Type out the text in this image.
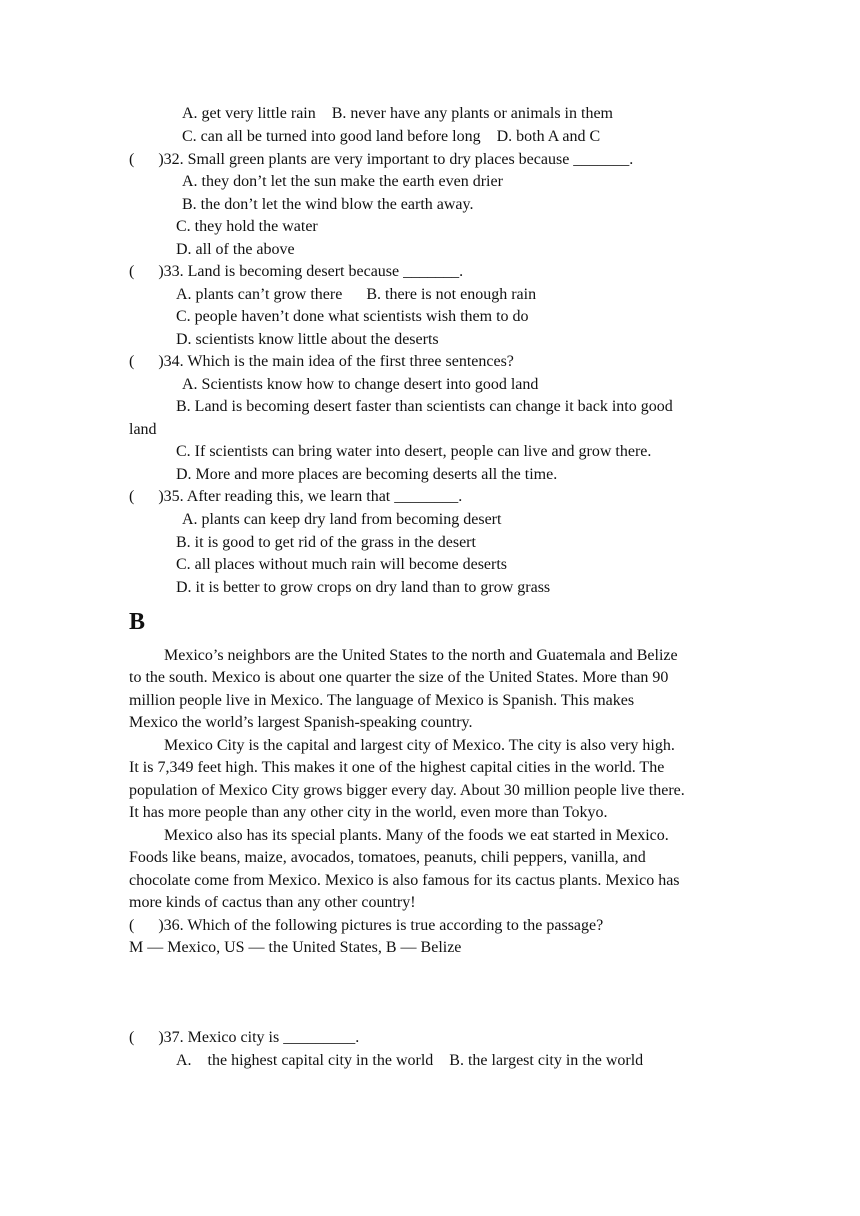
A. get very little rain    B. never have any plants or animals in them
C. can all be turned into good land before long    D. both A and C
(      )32. Small green plants are very important to dry places because _______.
A. they don’t let the sun make the earth even drier
B. the don’t let the wind blow the earth away.
C. they hold the water
D. all of the above
(      )33. Land is becoming desert because _______.
A. plants can’t grow there      B. there is not enough rain
C. people haven’t done what scientists wish them to do
D. scientists know little about the deserts
(      )34. Which is the main idea of the first three sentences?
A. Scientists know how to change desert into good land
B. Land is becoming desert faster than scientists can change it back into good
land
C. If scientists can bring water into desert, people can live and grow there.
D. More and more places are becoming deserts all the time.
(      )35. After reading this, we learn that ________.
A. plants can keep dry land from becoming desert
B. it is good to get rid of the grass in the desert
C. all places without much rain will become deserts
D. it is better to grow crops on dry land than to grow grass
B
Mexico’s neighbors are the United States to the north and Guatemala and Belize
to the south. Mexico is about one quarter the size of the United States. More than 90
million people live in Mexico. The language of Mexico is Spanish. This makes
Mexico the world’s largest Spanish-speaking country.
Mexico City is the capital and largest city of Mexico. The city is also very high.
It is 7,349 feet high. This makes it one of the highest capital cities in the world. The
population of Mexico City grows bigger every day. About 30 million people live there.
It has more people than any other city in the world, even more than Tokyo.
Mexico also has its special plants. Many of the foods we eat started in Mexico.
Foods like beans, maize, avocados, tomatoes, peanuts, chili peppers, vanilla, and
chocolate come from Mexico. Mexico is also famous for its cactus plants. Mexico has
more kinds of cactus than any other country!
(      )36. Which of the following pictures is true according to the passage?
M — Mexico, US — the United States, B — Belize
(      )37. Mexico city is _________.
A.    the highest capital city in the world    B. the largest city in the world
